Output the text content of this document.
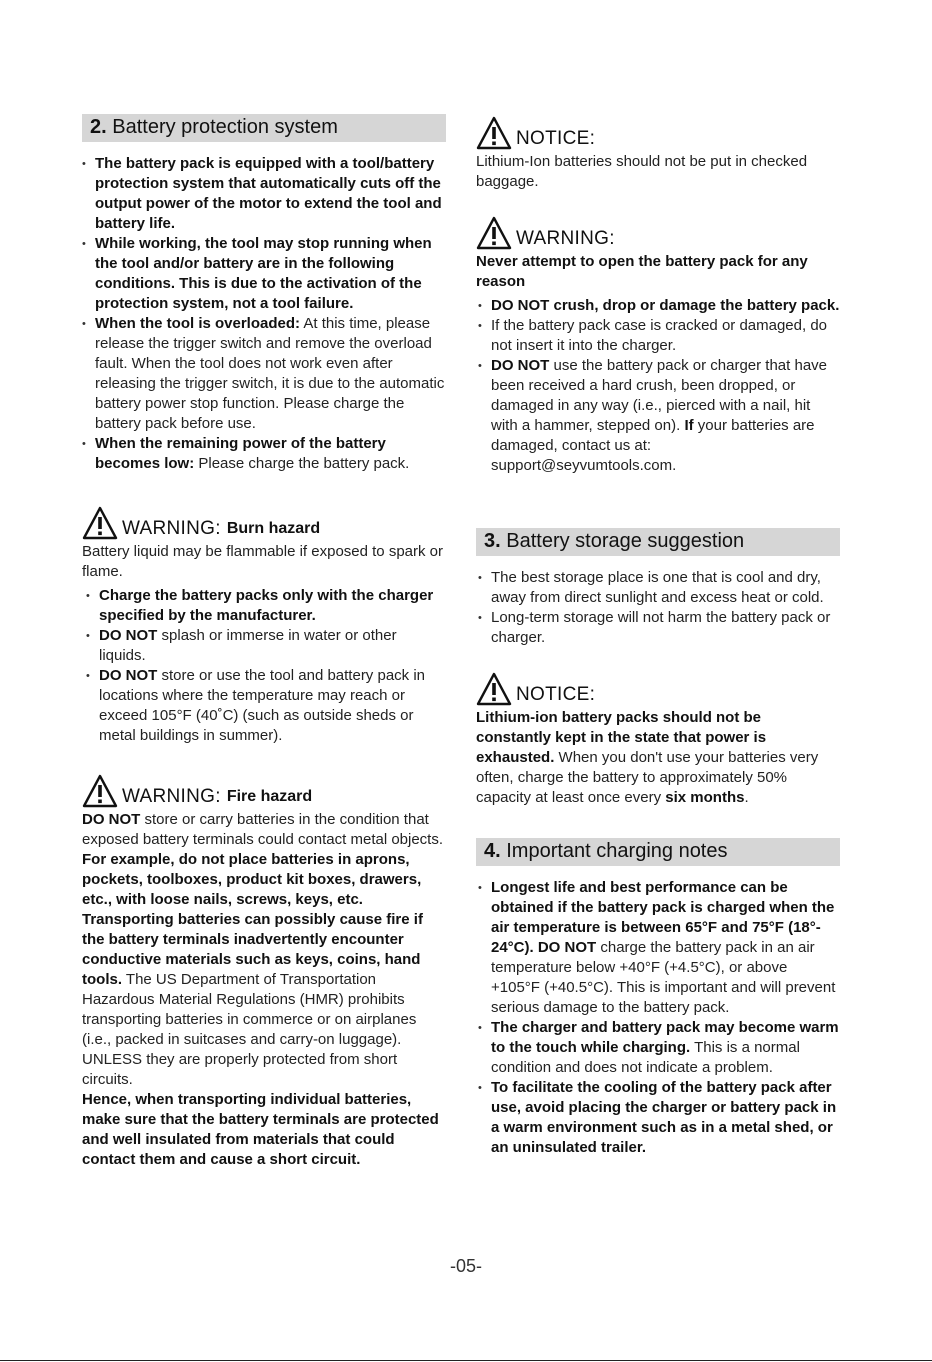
2. Battery protection system
• The battery pack is equipped with a tool/battery protection system that automatically cuts off the output power of the motor to extend the tool and battery life.
• While working, the tool may stop running when the tool and/or battery are in the following conditions. This is due to the activation of the protection system, not a tool failure.
• When the tool is overloaded: At this time, please release the trigger switch and remove the overload fault. When the tool does not work even after releasing the trigger switch, it is due to the automatic battery power stop function. Please charge the battery pack before use.
• When the remaining power of the battery becomes low: Please charge the battery pack.
WARNING: Burn hazard

Battery liquid may be flammable if exposed to spark or flame.

• Charge the battery packs only with the charger specified by the manufacturer.
• DO NOT splash or immerse in water or other liquids.
• DO NOT store or use the tool and battery pack in locations where the temperature may reach or exceed 105°F (40˚C) (such as outside sheds or metal buildings in summer).
WARNING: Fire hazard

DO NOT store or carry batteries in the condition that exposed battery terminals could contact metal objects.

For example, do not place batteries in aprons, pockets, toolboxes, product kit boxes, drawers, etc., with loose nails, screws, keys, etc. Transporting batteries can possibly cause fire if the battery terminals inadvertently encounter conductive materials such as keys, coins, hand tools. The US Department of Transportation Hazardous Material Regulations (HMR) prohibits transporting batteries in commerce or on airplanes (i.e., packed in suitcases and carry-on luggage). UNLESS they are properly protected from short circuits.

Hence, when transporting individual batteries, make sure that the battery terminals are protected and well insulated from materials that could contact them and cause a short circuit.

NOTICE:

Lithium-Ion batteries should not be put in checked baggage.

WARNING:

Never attempt to open the battery pack for any reason

• DO NOT crush, drop or damage the battery pack.
• If the battery pack case is cracked or damaged, do not insert it into the charger.
• DO NOT use the battery pack or charger that have been received a hard crush, been dropped, or damaged in any way (i.e., pierced with a nail, hit with a hammer, stepped on). If your batteries are damaged, contact us at: support@seyvumtools.com.
3. Battery storage suggestion
• The best storage place is one that is cool and dry, away from direct sunlight and excess heat or cold.
• Long-term storage will not harm the battery pack or charger.
NOTICE:

Lithium-ion battery packs should not be constantly kept in the state that power is exhausted. When you don't use your batteries very often, charge the battery to approximately 50% capacity at least once every six months.

4. Important charging notes
• Longest life and best performance can be obtained if the battery pack is charged when the air temperature is between 65°F and 75°F (18°- 24°C). DO NOT charge the battery pack in an air temperature below +40°F (+4.5°C), or above +105°F (+40.5°C). This is important and will prevent serious damage to the battery pack.
• The charger and battery pack may become warm to the touch while charging. This is a normal condition and does not indicate a problem.
• To facilitate the cooling of the battery pack after use, avoid placing the charger or battery pack in a warm environment such as in a metal shed, or an uninsulated trailer.
-05-
